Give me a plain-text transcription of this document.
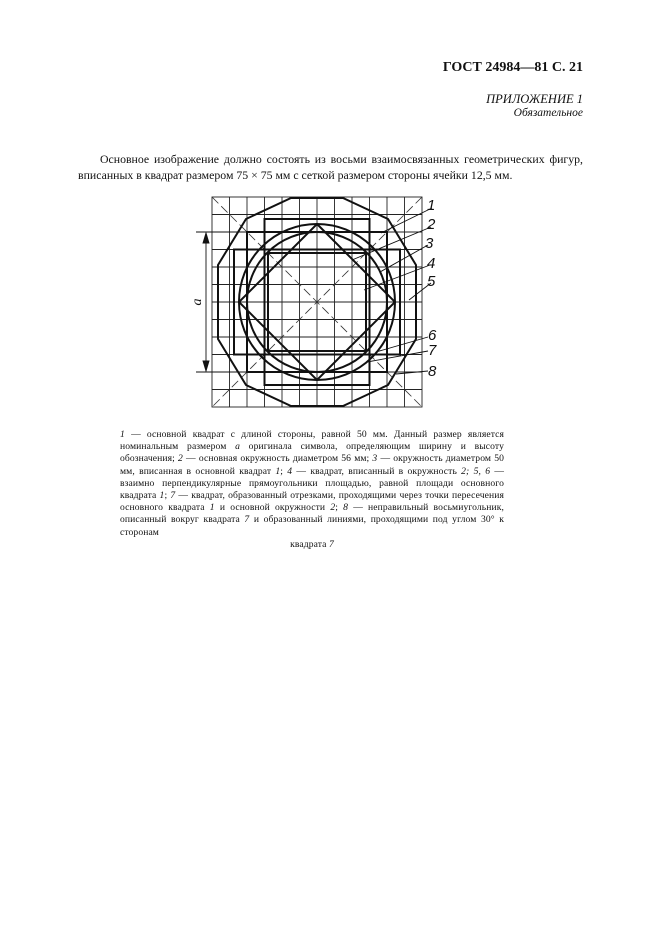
ГОСТ 24984—81 С. 21
ПРИЛОЖЕНИЕ 1
Обязательное
Основное изображение должно состоять из восьми взаимосвязанных геометрических фигур, вписанных в квадрат размером 75 × 75 мм с сеткой размером стороны ячейки 12,5 мм.
a
1
2
3
4
5
6
7
8
1 — основной квадрат с длиной стороны, равной 50 мм. Данный размер является номинальным размером а оригинала символа, определяющим ширину и высоту обозначения; 2 — основная окружность диаметром 56 мм; 3 — окружность диаметром 50 мм, вписанная в основной квадрат 1; 4 — квадрат, вписанный в окружность 2; 5, 6 — взаимно перпендикулярные прямоугольники площадью, равной площади основного квадрата 1; 7 — квадрат, образованный отрезками, проходящими через точки пересечения основного квадрата 1 и основной окружности 2; 8 — неправильный восьмиугольник, описанный вокруг квадрата 7 и образованный линиями, проходящими под углом 30° к сторонам
квадрата 7
